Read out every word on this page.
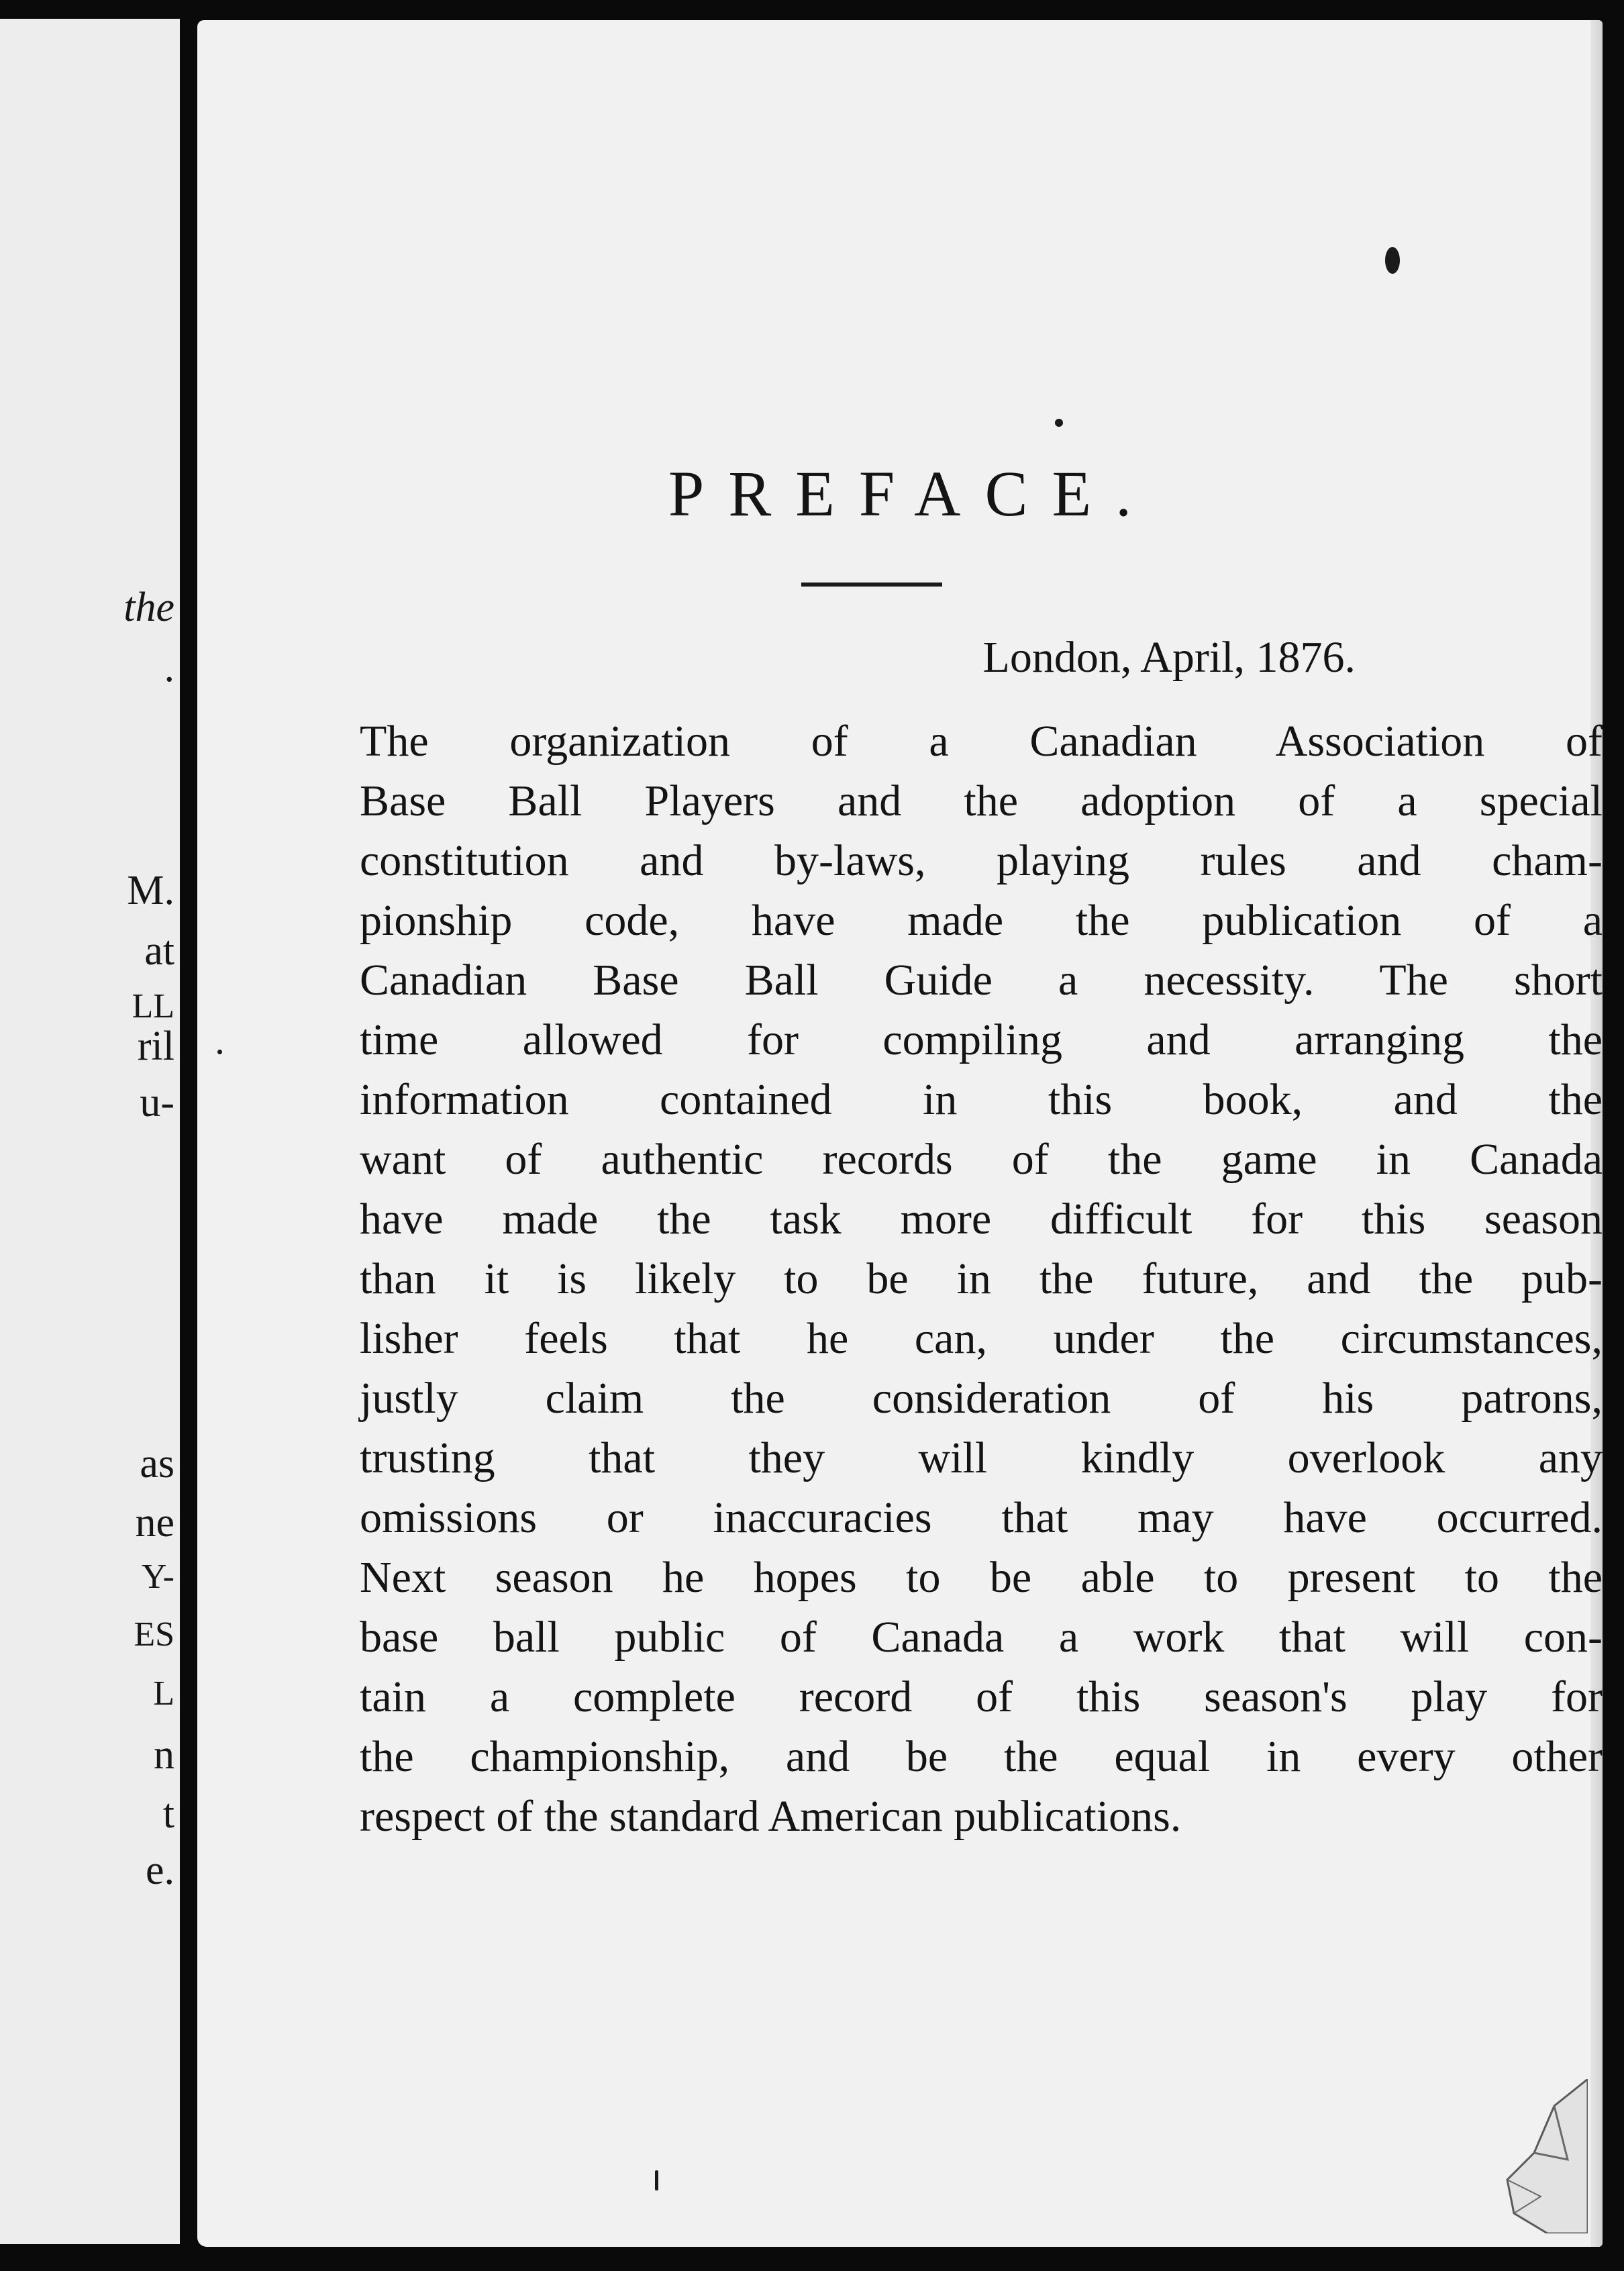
the
.
M.
at
LL
ril
u-
as
ne
Y-
ES
L
n
t
e.
PREFACE.
London, April, 1876.
The organization of a Canadian Association of
Base Ball Players and the adoption of a special
constitution and by-laws, playing rules and cham-
pionship code, have made the publication of a
Canadian Base Ball Guide a necessity. The short
time allowed for compiling and arranging the
information contained in this book, and the
want of authentic records of the game in Canada
have made the task more difficult for this season
than it is likely to be in the future, and the pub-
lisher feels that he can, under the circumstances,
justly claim the consideration of his patrons,
trusting that they will kindly overlook any
omissions or inaccuracies that may have occurred.
Next season he hopes to be able to present to the
base ball public of Canada a work that will con-
tain a complete record of this season's play for
the championship, and be the equal in every other
respect of the standard American publications.
